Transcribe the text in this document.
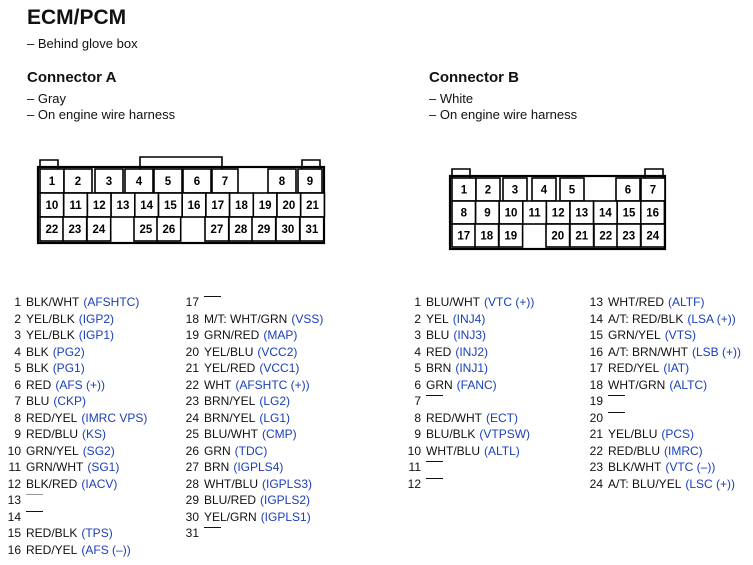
ECM/PCM
– Behind glove box
Connector A
– Gray
– On engine wire harness
Connector B
– White
– On engine wire harness
1 2 3 4 5 6 7	8 9
10 11 12 13 14 15 16 17 18 19 20 21
22 23 24	25 26	27 28 29 30 31
1 2 3 4 5	6 7
8 9 10 11 12 13 14 15 16
17 18 19	20 21 22 23 24
1 BLK/WHT (AFSHTC)
2 YEL/BLK (IGP2)
3 YEL/BLK (IGP1)
4 BLK (PG2)
5 BLK (PG1)
6 RED (AFS (+))
7 BLU (CKP)
8 RED/YEL (IMRC VPS)
9 RED/BLU (KS)
10 GRN/YEL (SG2)
11 GRN/WHT (SG1)
12 BLK/RED (IACV)
13
14
15 RED/BLK (TPS)
16 RED/YEL (AFS (–))
17
18 M/T: WHT/GRN (VSS)
19 GRN/RED (MAP)
20 YEL/BLU (VCC2)
21 YEL/RED (VCC1)
22 WHT (AFSHTC (+))
23 BRN/YEL (LG2)
24 BRN/YEL (LG1)
25 BLU/WHT (CMP)
26 GRN (TDC)
27 BRN (IGPLS4)
28 WHT/BLU (IGPLS3)
29 BLU/RED (IGPLS2)
30 YEL/GRN (IGPLS1)
31
1 BLU/WHT (VTC (+))
2 YEL (INJ4)
3 BLU (INJ3)
4 RED (INJ2)
5 BRN (INJ1)
6 GRN (FANC)
7
8 RED/WHT (ECT)
9 BLU/BLK (VTPSW)
10 WHT/BLU (ALTL)
11
12
13 WHT/RED (ALTF)
14 A/T: RED/BLK (LSA (+))
15 GRN/YEL (VTS)
16 A/T: BRN/WHT (LSB (+))
17 RED/YEL (IAT)
18 WHT/GRN (ALTC)
19
20
21 YEL/BLU (PCS)
22 RED/BLU (IMRC)
23 BLK/WHT (VTC (–))
24 A/T: BLU/YEL (LSC (+))
